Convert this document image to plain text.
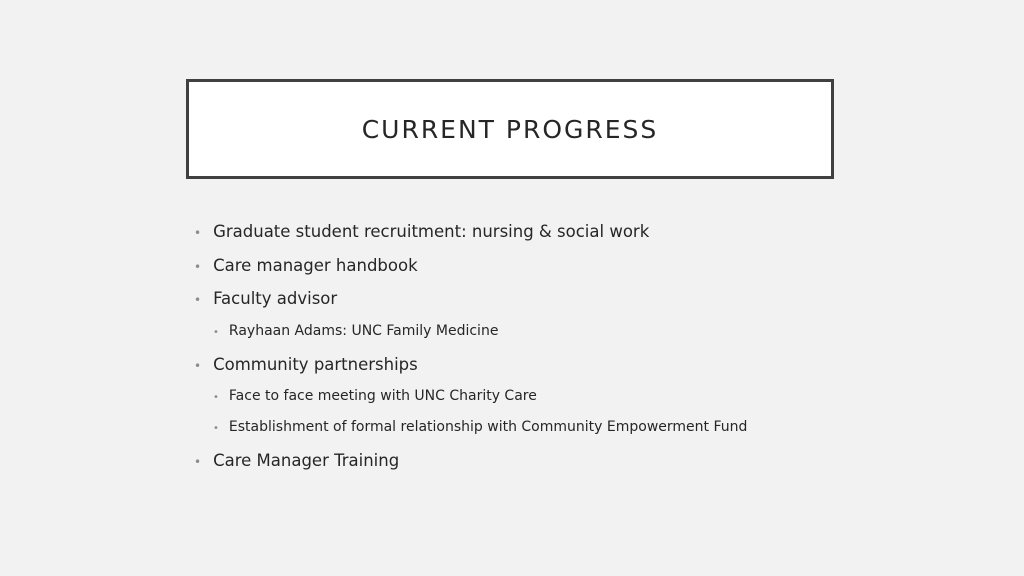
CURRENT PROGRESS
• Graduate student recruitment: nursing & social work
• Care manager handbook
• Faculty advisor
• Rayhaan Adams: UNC Family Medicine
• Community partnerships
• Face to face meeting with UNC Charity Care
• Establishment of formal relationship with Community Empowerment Fund
• Care Manager Training
